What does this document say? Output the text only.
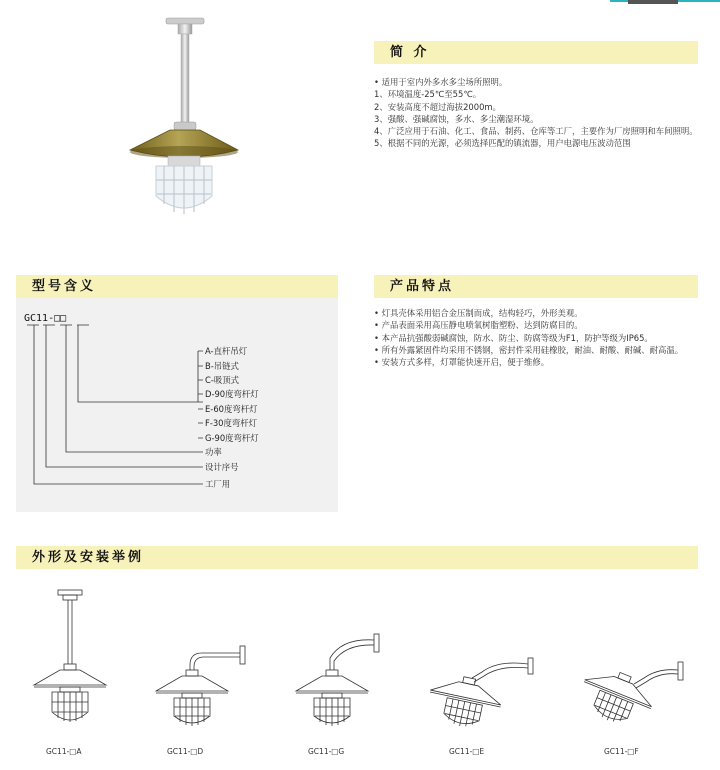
简 介
• 适用于室内外多水多尘场所照明。
1、环境温度-25℃至55℃。
2、安装高度不超过海拔2000m。
3、强酸、强碱腐蚀，多水、多尘潮湿环境。
4、广泛应用于石油、化工、食品、制药、仓库等工厂，主要作为厂房照明和车间照明。
5、根据不同的光源，必须选择匹配的镇流器，用户电源电压波动范围
型号含义
GC11-□□
A-直杆吊灯
B-吊链式
C-吸顶式
D-90度弯杆灯
E-60度弯杆灯
F-30度弯杆灯
G-90度弯杆灯
功率
设计序号
工厂用
产品特点
• 灯具壳体采用铝合金压制而成，结构轻巧，外形美观。
• 产品表面采用高压静电喷氧树脂塑粉、达到防腐目的。
• 本产品抗强酸弱碱腐蚀，防水、防尘、防腐等级为F1，防护等级为IP65。
• 所有外露紧固件均采用不锈钢，密封件采用硅橡胶，耐油、耐酸、耐碱、耐高温。
• 安装方式多样，灯罩能快速开启，便于维修。
外形及安装举例
GC11-□A	GC11-□D	GC11-□G	GC11-□E	GC11-□F
